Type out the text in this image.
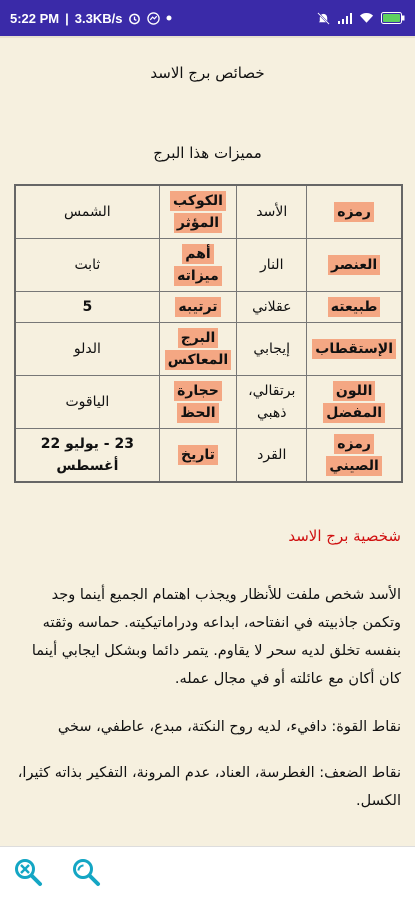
5:22 PM | 3.3KB/s
خصائص برج الاسد
مميزات هذا البرج
رمزه	الأسد	الكوكب المؤثر	الشمس
العنصر	النار	أهم ميزاته	ثابت
طبيعته	عقلاني	ترتيبه	5
الإستقطاب	إيجابي	البرج المعاكس	الدلو
اللون المفضل	برتقالي، ذهبي	حجارة الحظ	الياقوت
رمزه الصيني	القرد	تاريخ	23 - يوليو 22 أغسطس
شخصية برج الاسد
الأسد شخص ملفت للأنظار ويجذب اهتمام الجميع أينما وجد وتكمن جاذبيته في انفتاحه، ابداعه ودراماتيكيته. حماسه وثقته بنفسه تخلق لديه سحر لا يقاوم. يتمر دائما وبشكل ايجابي أينما كان أكان مع عائلته أو في مجال عمله.
نقاط القوة: دافيء، لديه روح النكتة، مبدع، عاطفي، سخي
نقاط الضعف: الغطرسة، العناد، عدم المرونة، التفكير بذاته كثيرا، الكسل.
